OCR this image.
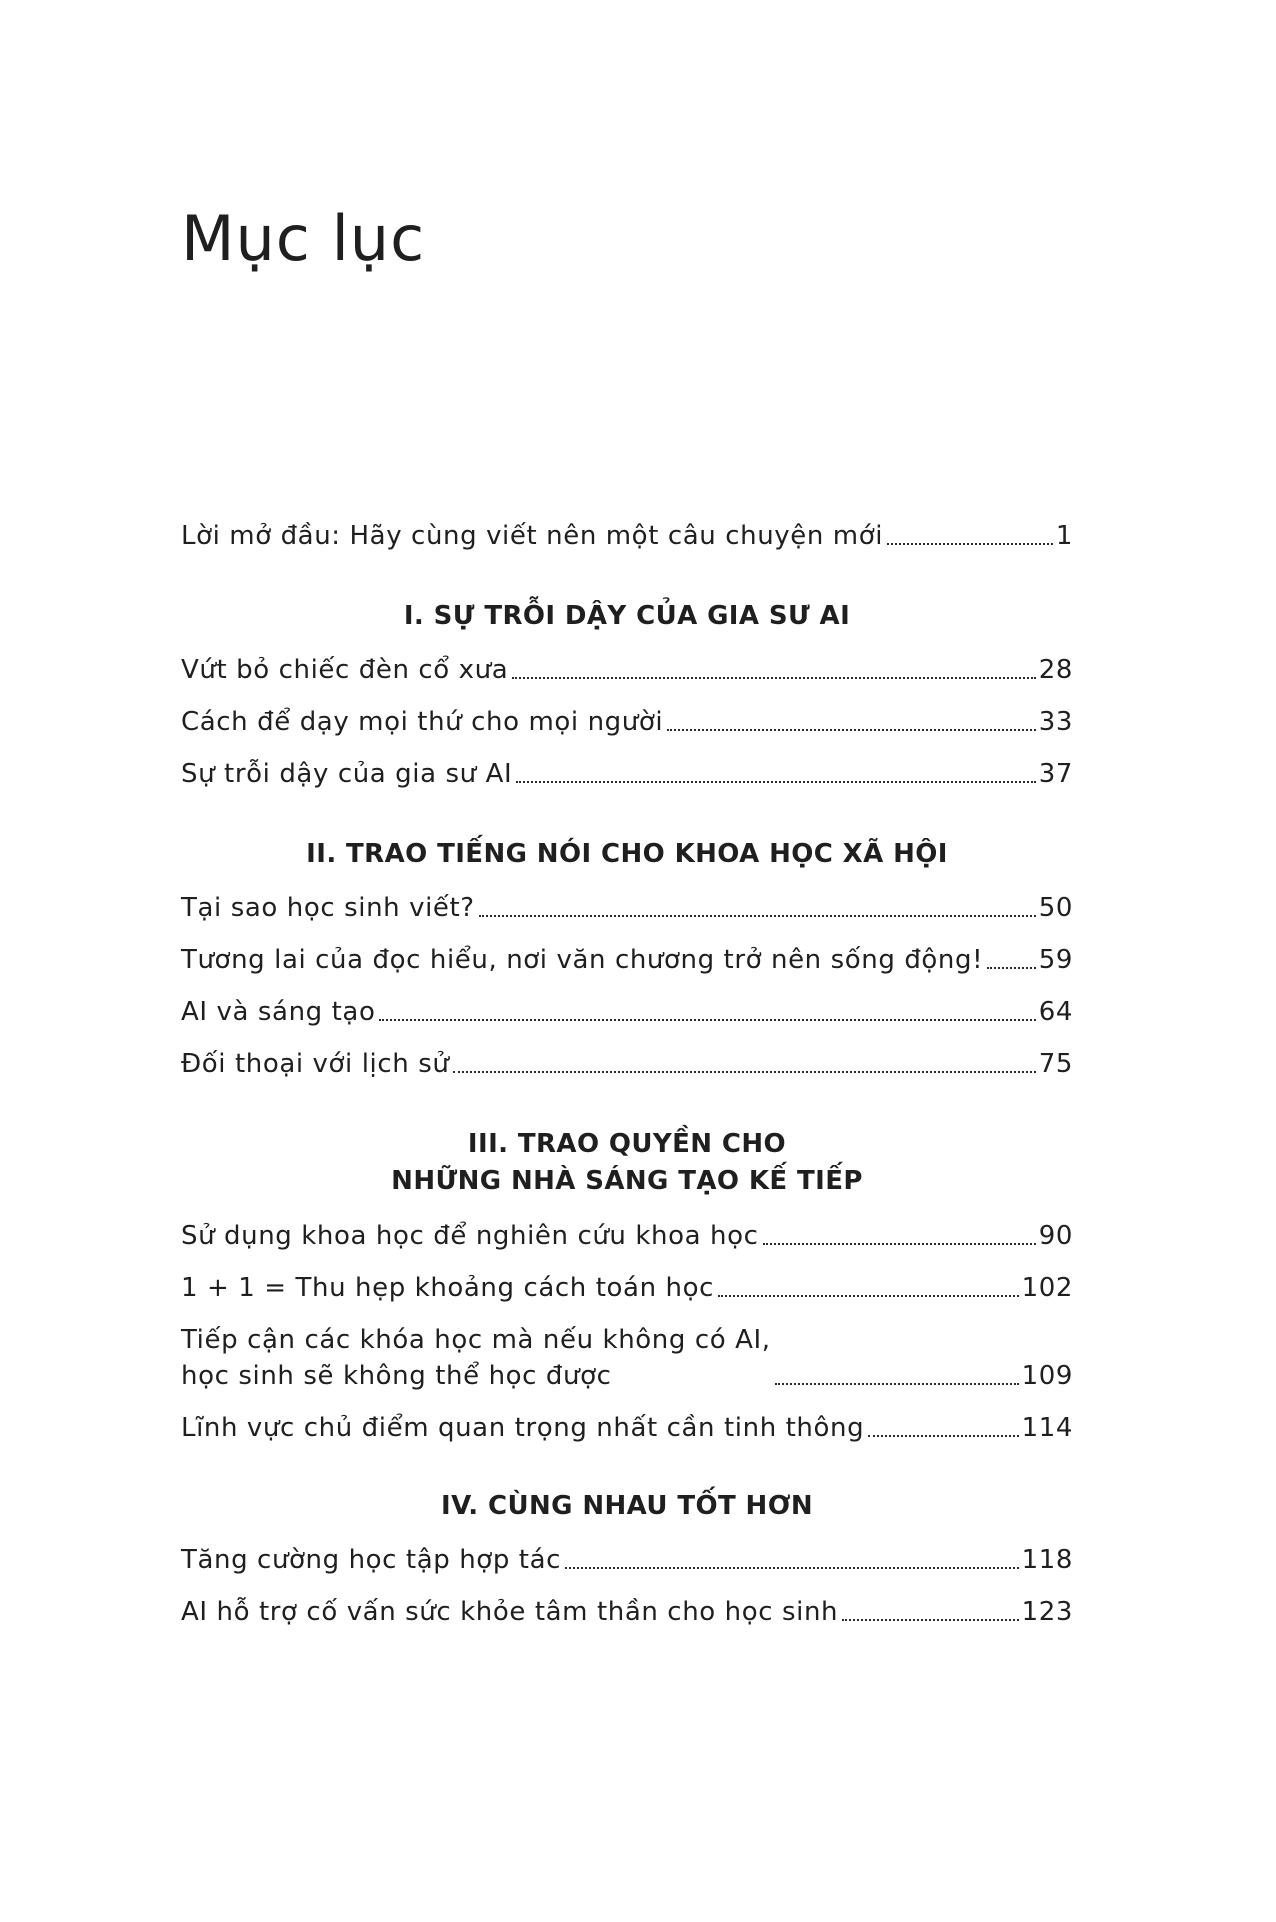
Mục lục
Lời mở đầu: Hãy cùng viết nên một câu chuyện mới	1
I. SỰ TRỖI DẬY CỦA GIA SƯ AI
Vứt bỏ chiếc đèn cổ xưa	28
Cách để dạy mọi thứ cho mọi người	33
Sự trỗi dậy của gia sư AI	37
II. TRAO TIẾNG NÓI CHO KHOA HỌC XÃ HỘI
Tại sao học sinh viết?	50
Tương lai của đọc hiểu, nơi văn chương trở nên sống động! 59
AI và sáng tạo	64
Đối thoại với lịch sử	75
III. TRAO QUYỀN CHO
NHỮNG NHÀ SÁNG TẠO KẾ TIẾP
Sử dụng khoa học để nghiên cứu khoa học	90
1 + 1 = Thu hẹp khoảng cách toán học	102
Tiếp cận các khóa học mà nếu không có AI,
học sinh sẽ không thể học được	109
Lĩnh vực chủ điểm quan trọng nhất cần tinh thông	114
IV. CÙNG NHAU TỐT HƠN
Tăng cường học tập hợp tác	118
AI hỗ trợ cố vấn sức khỏe tâm thần cho học sinh	123
